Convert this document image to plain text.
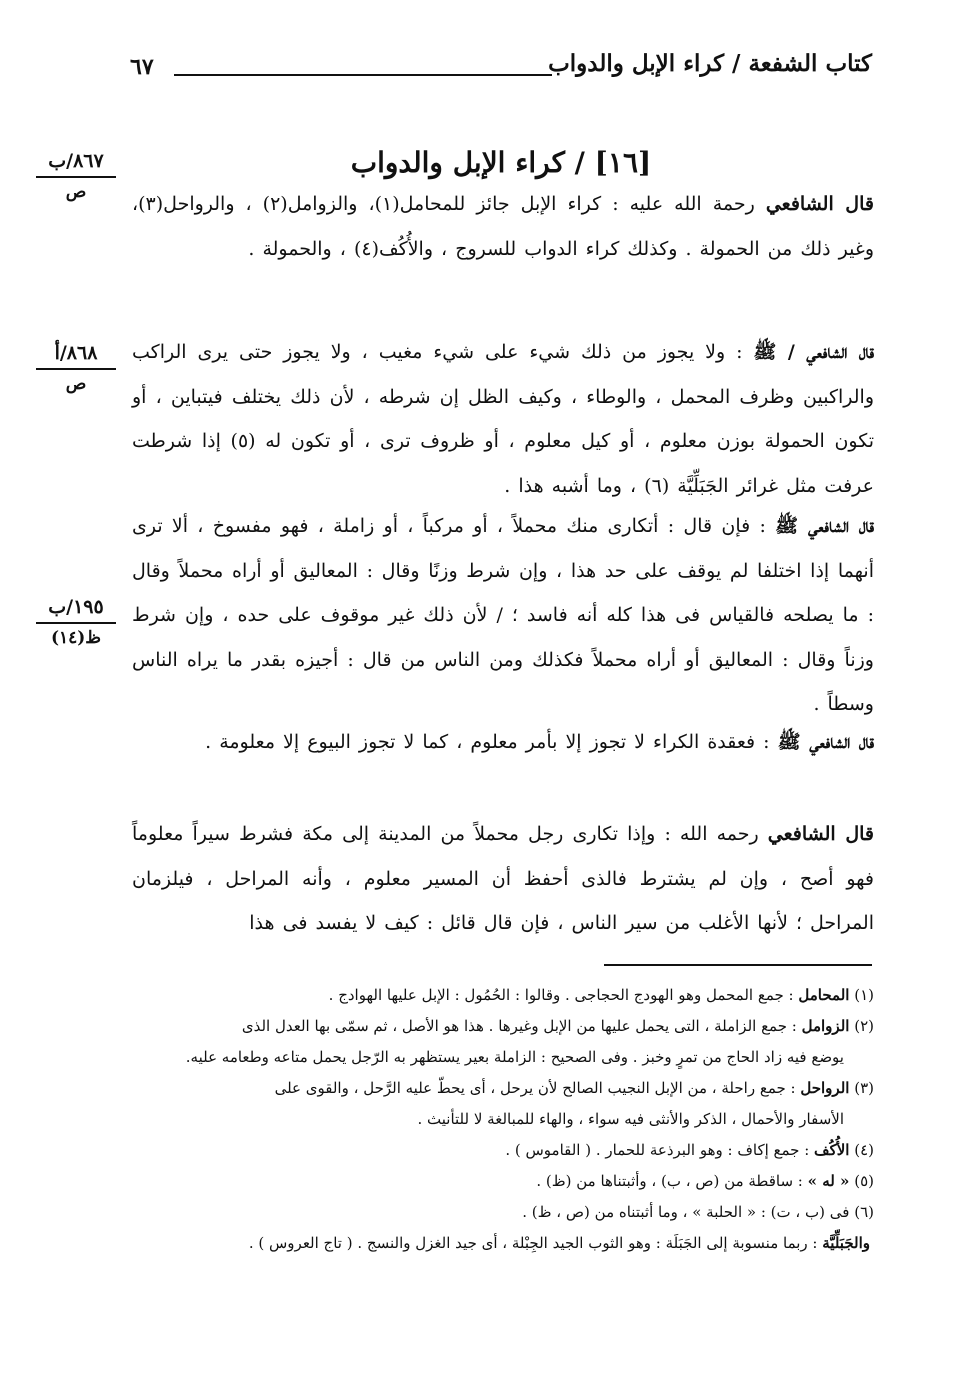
كتاب الشفعة / كراء الإبل والدواب
٦٧
٨٦٧/ب
ص
٨٦٨/أ
ص
١٩٥/ب
ظ(١٤)
[١٦] / كراء الإبل والدواب

قال الشافعي رحمة الله عليه : كراء الإبل جائز للمحامل(١)، والزوامل(٢) ، والرواحل(٣)، وغير ذلك من الحمولة . وكذلك كراء الدواب للسروج ، والأُكُف(٤) ، والحمولة .

قال الشافعي / ﷺ : ولا يجوز من ذلك شيء على شيء مغيب ، ولا يجوز حتى يرى الراكب والراكبين وظرف المحمل ، والوطاء ، وكيف الظل إن شرطه ، لأن ذلك يختلف فيتباين ، أو تكون الحمولة بوزن معلوم ، أو كيل معلوم ، أو ظروف ترى ، أو تكون له (٥) إذا شرطت عرفت مثل غرائر الجَبَلِّيَّة (٦) ، وما أشبه هذا .

قال الشافعي ﷺ : فإن قال : أتكارى منك محملاً ، أو مركباً ، أو زاملة ، فهو مفسوخ ، ألا ترى أنهما إذا اختلفا لم يوقف على حد هذا ، وإن شرط وزنًا وقال : المعاليق أو أراه محملاً وقال : ما يصلحه فالقياس فى هذا كله أنه فاسد ؛ / لأن ذلك غير موقوف على حده ، وإن شرط وزناً وقال : المعاليق أو أراه محملاً فكذلك ومن الناس من قال : أجيزه بقدر ما يراه الناس وسطاً .

قال الشافعي ﷺ : فعقدة الكراء لا تجوز إلا بأمر معلوم ، كما لا تجوز البيوع إلا معلومة .

قال الشافعي رحمه الله : وإذا تكارى رجل محملاً من المدينة إلى مكة فشرط سيراً معلوماً فهو أصح ، وإن لم يشترط فالذى أحفظ أن المسير معلوم ، وأنه المراحل ، فيلزمان المراحل ؛ لأنها الأغلب من سير الناس ، فإن قال قائل : كيف لا يفسد فى هذا

(١) المحامل : جمع المحمل وهو الهودج الحجاجى . وقالوا : الحُمُول : الإبل عليها الهوادج .

(٢) الزوامل : جمع الزاملة ، التى يحمل عليها من الإبل وغيرها . هذا هو الأصل ، ثم سمّى بها العدل الذى
يوضع فيه زاد الحاج من تمرٍ وخبز . وفى الصحيح : الزاملة بعير يستظهر به الرّجل يحمل متاعه وطعامه عليه.

(٣) الرواحل : جمع راحلة ، من الإبل النجيب الصالح لأن يرحل ، أى يحطّ عليه الرَّحل ، والقوى على
الأسفار والأحمال ، الذكر والأنثى فيه سواء ، والهاء للمبالغة لا للتأنيث .

(٤) الأُكُف : جمع إكاف : وهو البرذعة للحمار . ( القاموس ) .

(٥) « له » : ساقطة من (ص ، ب) ، وأثبتناها من (ظ) .

(٦) فى (ب ، ت) : « الحلبة » ، وما أثبتناه من (ص ، ظ) .

والجَبَلِّيَّة : ربما منسوبة إلى الجَبَلَة : وهو الثوب الجيد الجِبْلة ، أى جيد الغزل والنسج . ( تاج العروس ) .
